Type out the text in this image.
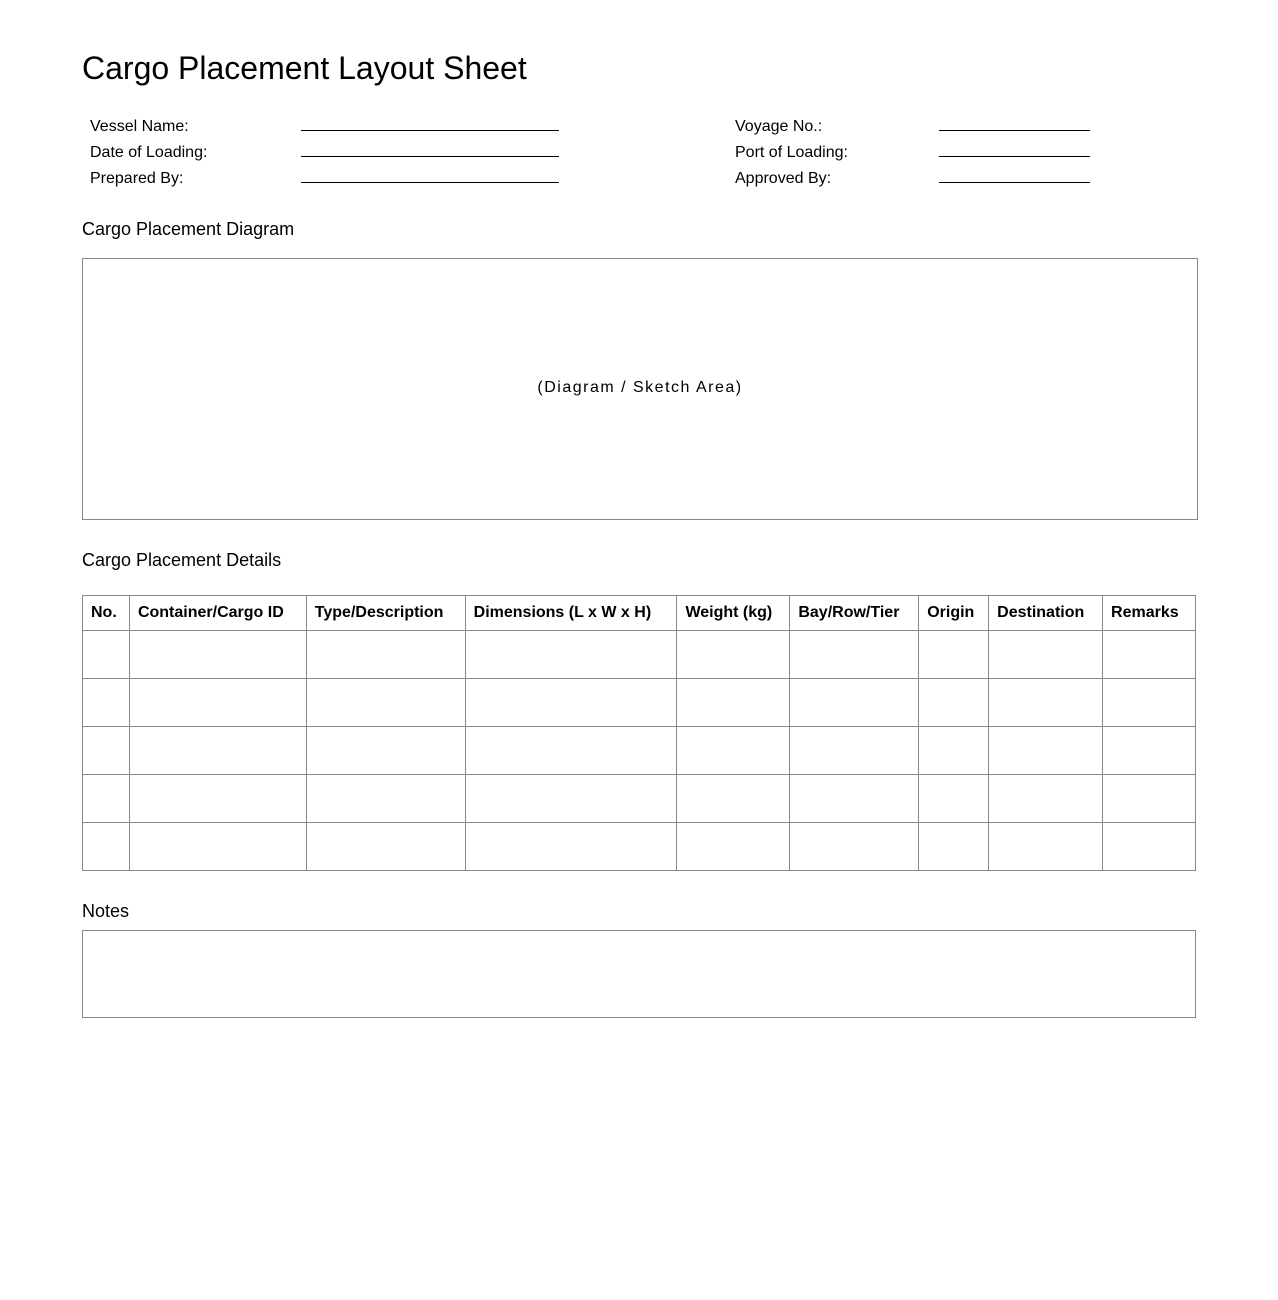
Cargo Placement Layout Sheet
Vessel Name:
Date of Loading:
Prepared By:
Voyage No.:
Port of Loading:
Approved By:
Cargo Placement Diagram
(Diagram / Sketch Area)
Cargo Placement Details
No.	Container/Cargo ID	Type/Description	Dimensions (L x W x H)	Weight (kg)	Bay/Row/Tier	Origin	Destination	Remarks

Notes
